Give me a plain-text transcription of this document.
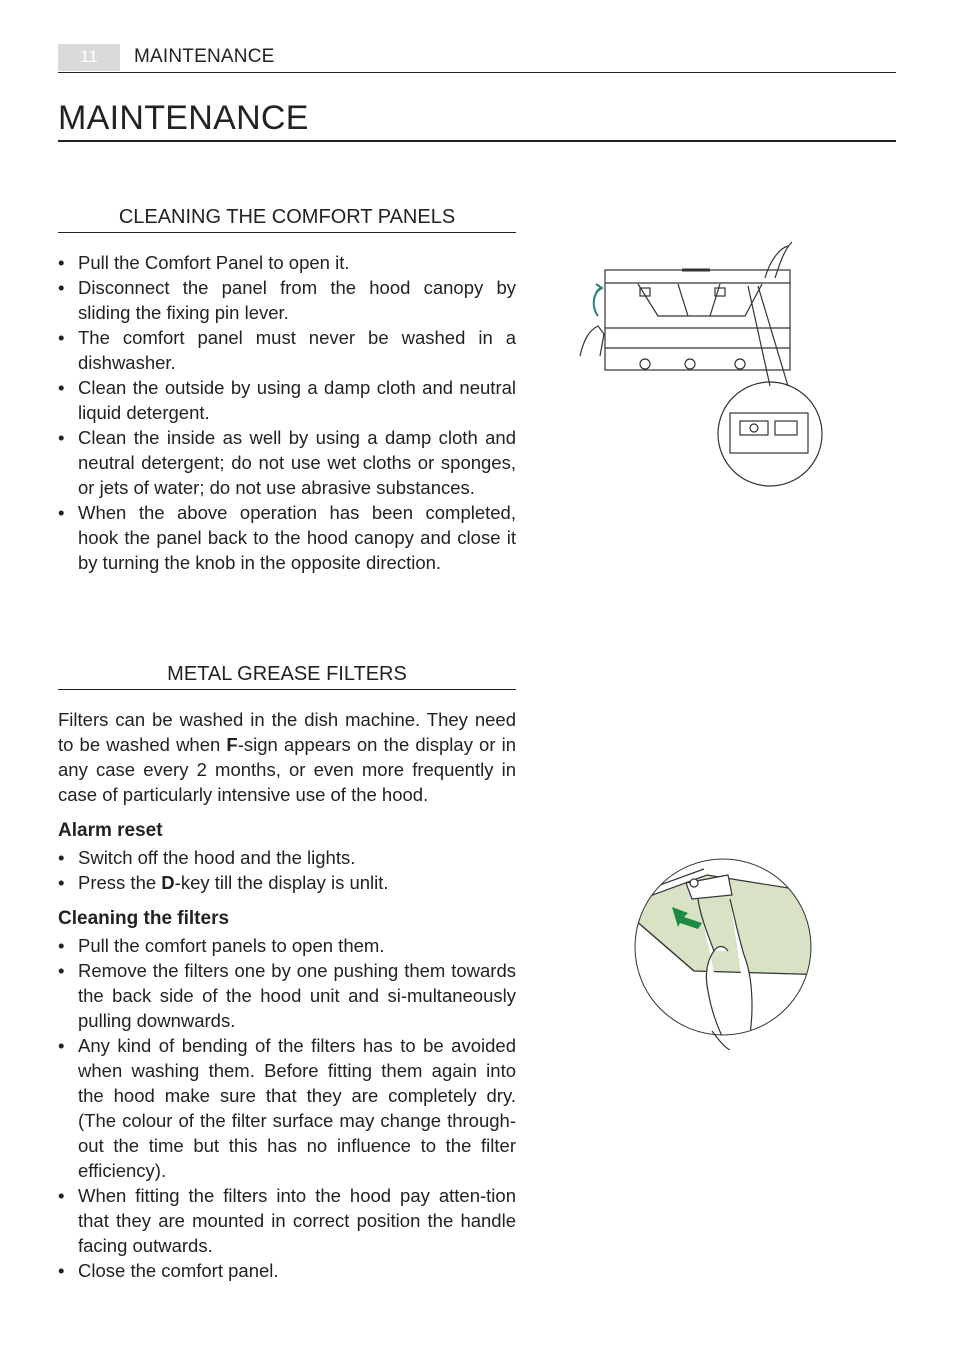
11	MAINTENANCE
MAINTENANCE
CLEANING THE COMFORT PANELS
• Pull the Comfort Panel to open it.
• Disconnect the panel from the hood canopy by sliding the fixing pin lever.
• The comfort panel must never be washed in a dishwasher.
• Clean the outside by using a damp cloth and neutral liquid detergent.
• Clean the inside as well by using a damp cloth and neutral detergent; do not use wet cloths or sponges, or jets of water; do not use abrasive substances.
• When the above operation has been completed, hook the panel back to the hood canopy and close it by turning the knob in the opposite direction.
METAL GREASE FILTERS

Filters can be washed in the dish machine. They need to be washed when F-sign appears on the display or in any case every 2 months, or even more frequently in case of particularly intensive use of the hood.

Alarm reset
• Switch off the hood and the lights.
• Press the D-key till the display is unlit.
Cleaning the filters
• Pull the comfort panels to open them.
• Remove the filters one by one pushing them towards the back side of the hood unit and si-multaneously pulling downwards.
• Any kind of bending of the filters has to be avoided when washing them. Before fitting them again into the hood make sure that they are completely dry. (The colour of the filter surface may change through-out the time but this has no influence to the filter efficiency).
• When fitting the filters into the hood pay atten-tion that they are mounted in correct position the handle facing outwards.
• Close the comfort panel.
